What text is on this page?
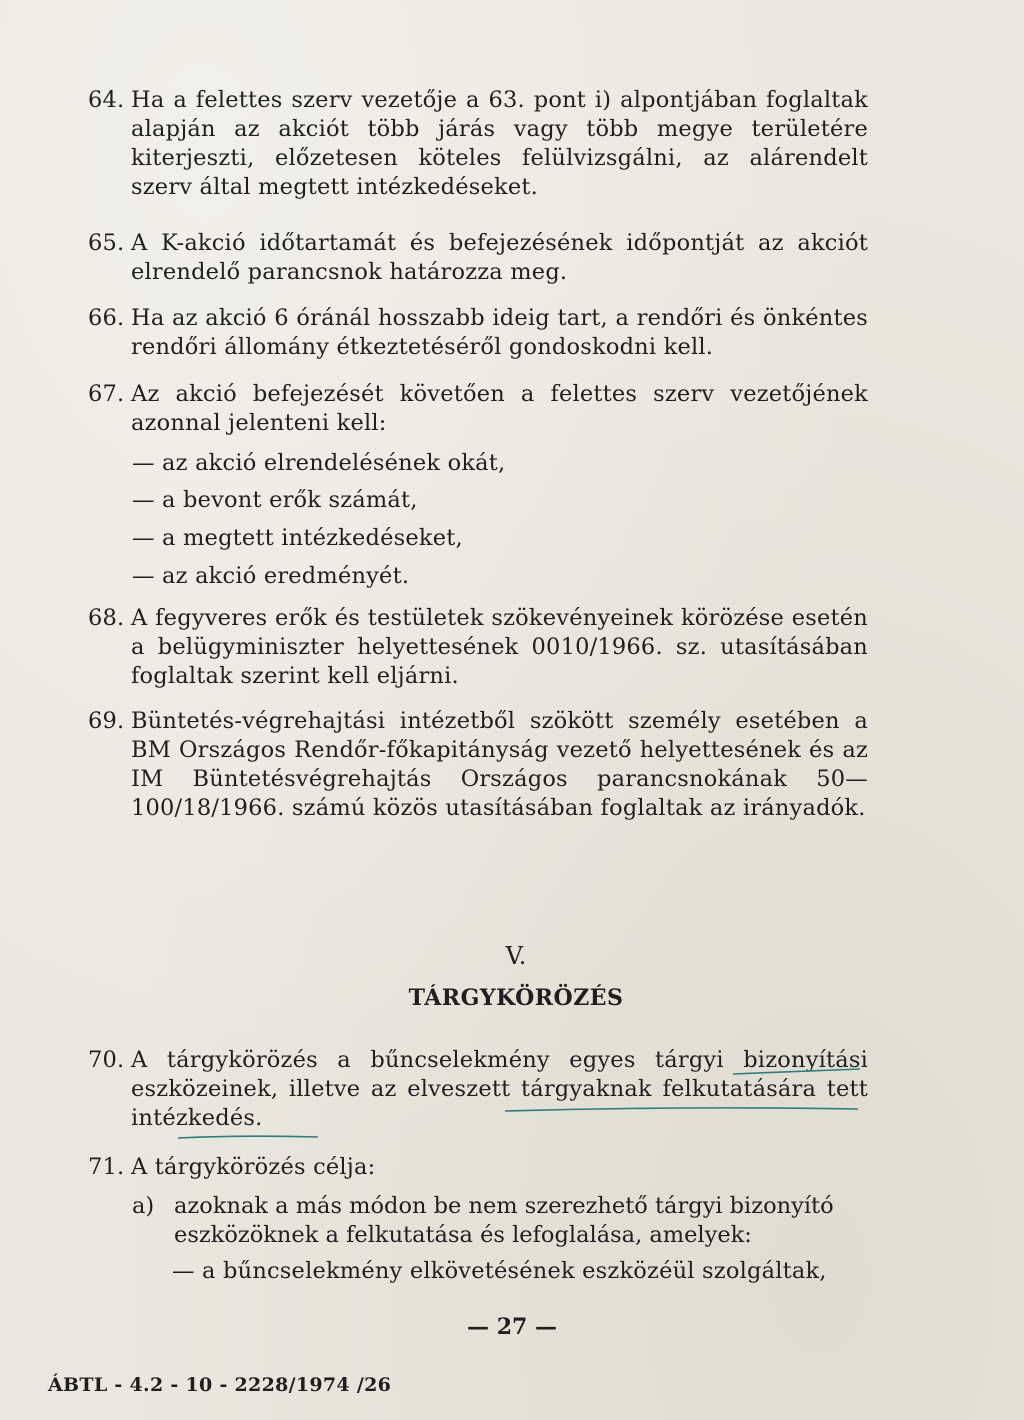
64. Ha a felettes szerv vezetője a 63. pont i) alpontjában foglaltak alapján az akciót több járás vagy több megye területére kiterjeszti, előzetesen köteles felülvizsgálni, az alárendelt szerv által megtett intézkedéseket.
65. A K-akció időtartamát és befejezésének időpontját az akciót elrendelő parancsnok határozza meg.
66. Ha az akció 6 óránál hosszabb ideig tart, a rendőri és önkéntes rendőri állomány étkeztetéséről gondoskodni kell.
67. Az akció befejezését követően a felettes szerv vezetőjének azonnal jelenteni kell:
— az akció elrendelésének okát,
— a bevont erők számát,
— a megtett intézkedéseket,
— az akció eredményét.
68. A fegyveres erők és testületek szökevényeinek körözése esetén a belügyminiszter helyettesének 0010/1966. sz. utasításában foglaltak szerint kell eljárni.
69. Büntetés-végrehajtási intézetből szökött személy esetében a BM Országos Rendőr-főkapitányság vezető helyettesének és az IM Büntetésvégrehajtás Országos parancsnokának 50—100/18/1966. számú közös utasításában foglaltak az irányadók.
V.
TÁRGYKÖRÖZÉS
70. A tárgykörözés a bűncselekmény egyes tárgyi bizonyítási eszközeinek, illetve az elveszett tárgyaknak felkutatására tett intézkedés.
71. A tárgykörözés célja:
a) azoknak a más módon be nem szerezhető tárgyi bizonyító eszközöknek a felkutatása és lefoglalása, amelyek:
— a bűncselekmény elkövetésének eszközéül szolgáltak,
— 27 —
ÁBTL - 4.2 - 10 - 2228/1974 /26
